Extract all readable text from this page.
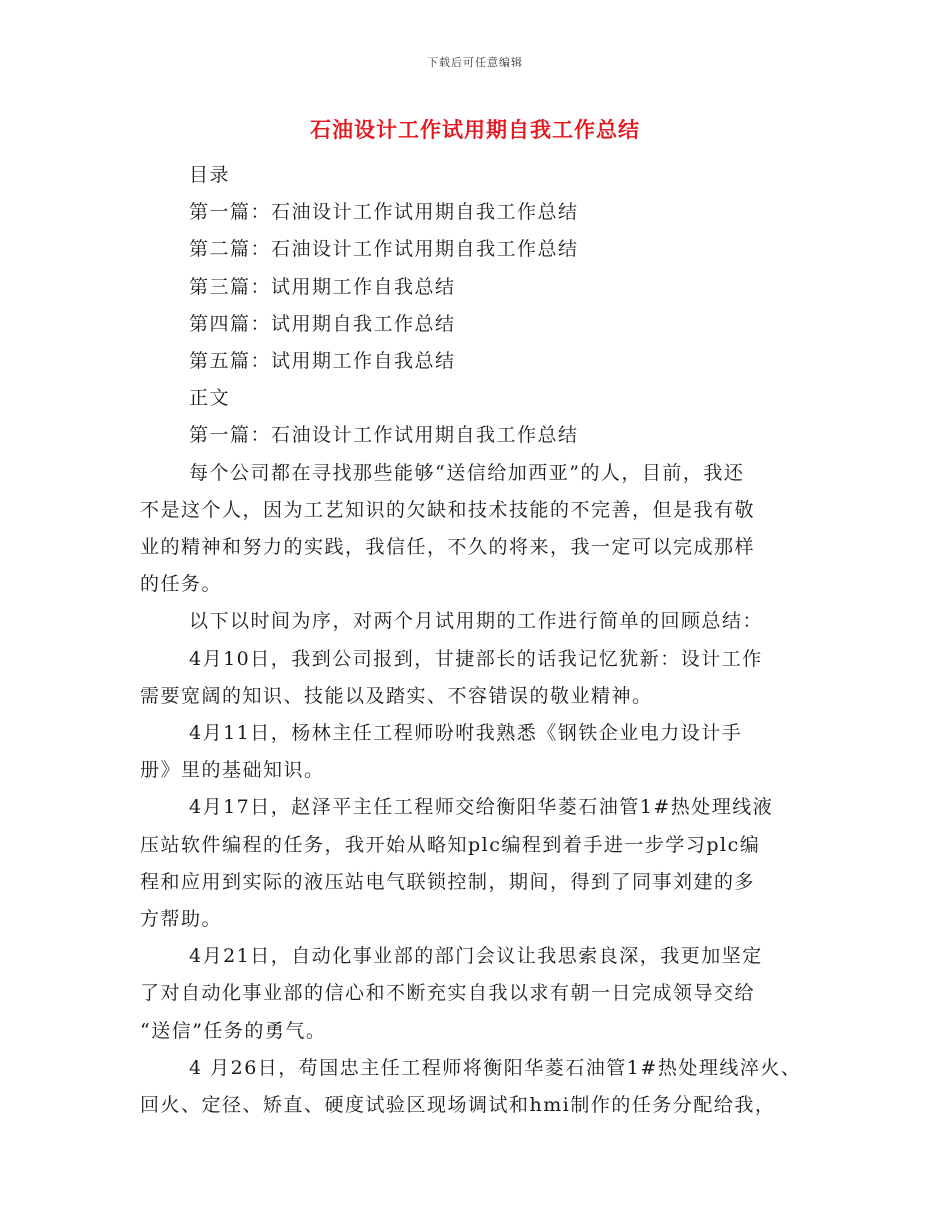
下载后可任意编辑
石油设计工作试用期自我工作总结
目录
第一篇：石油设计工作试用期自我工作总结
第二篇：石油设计工作试用期自我工作总结
第三篇：试用期工作自我总结
第四篇：试用期自我工作总结
第五篇：试用期工作自我总结
正文
第一篇：石油设计工作试用期自我工作总结
每个公司都在寻找那些能够“送信给加西亚”的人，目前，我还
不是这个人，因为工艺知识的欠缺和技术技能的不完善，但是我有敬
业的精神和努力的实践，我信任，不久的将来，我一定可以完成那样
的任务。
以下以时间为序，对两个月试用期的工作进行简单的回顾总结：
4月10日，我到公司报到，甘捷部长的话我记忆犹新：设计工作
需要宽阔的知识、技能以及踏实、不容错误的敬业精神。
4月11日，杨林主任工程师吩咐我熟悉《钢铁企业电力设计手
册》里的基础知识。
4月17日，赵泽平主任工程师交给衡阳华菱石油管1#热处理线液
压站软件编程的任务，我开始从略知plc编程到着手进一步学习plc编
程和应用到实际的液压站电气联锁控制，期间，得到了同事刘建的多
方帮助。
4月21日，自动化事业部的部门会议让我思索良深，我更加坚定
了对自动化事业部的信心和不断充实自我以求有朝一日完成领导交给
“送信”任务的勇气。
4 月26日，苟国忠主任工程师将衡阳华菱石油管1#热处理线淬火、
回火、定径、矫直、硬度试验区现场调试和hmi制作的任务分配给我，
